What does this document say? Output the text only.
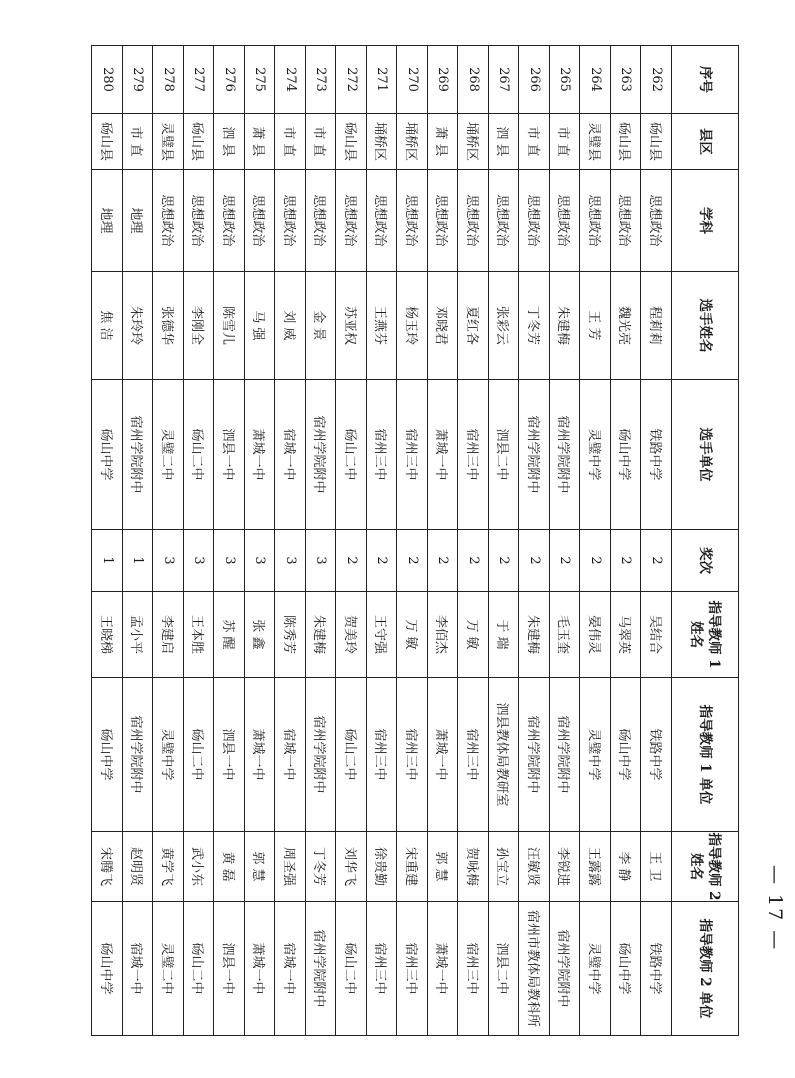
序号	县区	学科	选手姓名	选手单位	奖次	指导教师 1 姓名	指导教师 1 单位	指导教师 2 姓名	指导教师 2 单位
262	砀山县	思想政治	程莉莉	铁路中学	2	吴结合	铁路中学	王 卫	铁路中学
263	砀山县	思想政治	魏光亮	砀山中学	2	马翠英	砀山中学	李 静	砀山中学
264	灵璧县	思想政治	王 芳	灵璧中学	2	晏伟灵	灵璧中学	王露露	灵璧中学
265	市 直	思想政治	朱建梅	宿州学院附中	2	毛玉奎	宿州学院附中	李锐进	宿州学院附中
266	市 直	思想政治	丁冬芳	宿州学院附中	2	朱建梅	宿州学院附中	汪敏贤	宿州市教体局教科所
267	泗 县	思想政治	张彩云	泗县二中	2	于 瑞	泗县教体局教研室	孙宝立	泗县二中
268	埇桥区	思想政治	夏红各	宿州三中	2	万 敏	宿州三中	贺咏梅	宿州三中
269	萧 县	思想政治	邓晓君	萧城一中	2	李佰杰	萧城一中	郭 慧	萧城一中
270	埇桥区	思想政治	杨玉玲	宿州三中	2	万 敏	宿州三中	宋重建	宿州三中
271	埇桥区	思想政治	王燕芬	宿州三中	2	王守强	宿州三中	徐贵勤	宿州三中
272	砀山县	思想政治	苏亚权	砀山二中	2	贺美玲	砀山二中	刘华飞	砀山二中
273	市 直	思想政治	金 景	宿州学院附中	3	朱建梅	宿州学院附中	丁冬芳	宿州学院附中
274	市 直	思想政治	刘 威	宿城一中	3	陈秀芳	宿城一中	周圣强	宿城一中
275	萧 县	思想政治	马 强	萧城一中	3	张 鑫	萧城一中	郭 慧	萧城一中
276	泗 县	思想政治	陈雪儿	泗县一中	3	苏 醒	泗县一中	黄 磊	泗县一中
277	砀山县	思想政治	李刚全	砀山二中	3	王本胜	砀山二中	武小东	砀山二中
278	灵璧县	思想政治	张德华	灵璧二中	3	李建启	灵璧中学	黄学飞	灵璧二中
279	市 直	地理	朱玲玲	宿州学院附中	1	孟小平	宿州学院附中	赵明贤	宿城一中
280	砀山县	地理	焦 洁	砀山中学	1	王晓梯	砀山中学	宋腾飞	砀山中学
— 17 —
